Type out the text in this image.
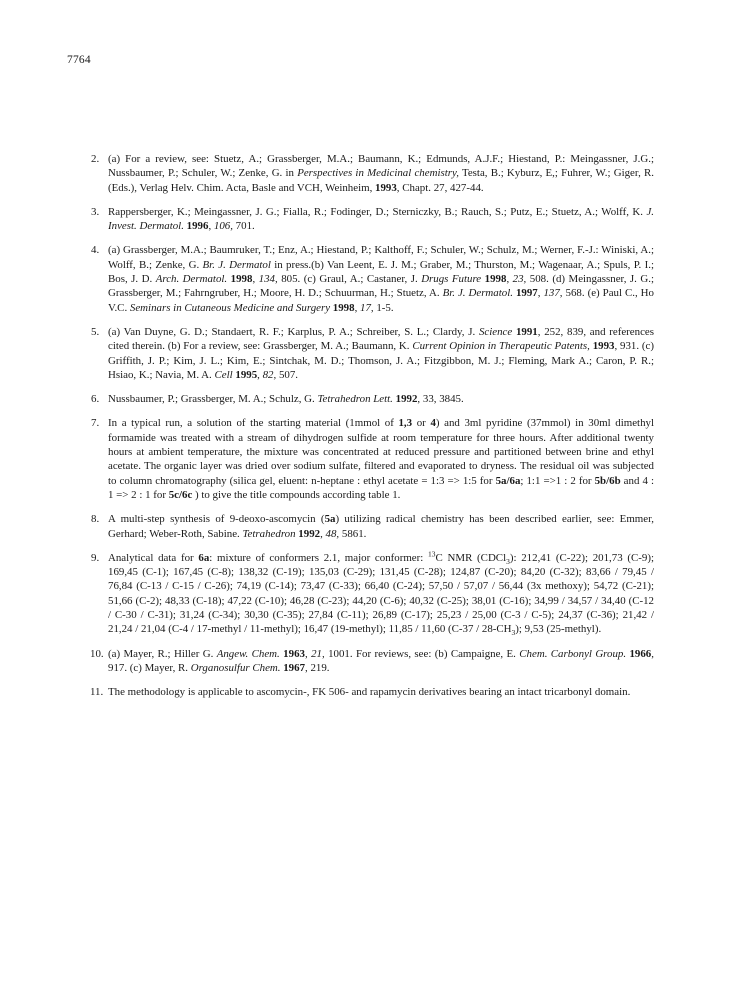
7764
2. (a) For a review, see: Stuetz, A.; Grassberger, M.A.; Baumann, K.; Edmunds, A.J.F.; Hiestand, P.: Meingassner, J.G.; Nussbaumer, P.; Schuler, W.; Zenke, G. in Perspectives in Medicinal chemistry, Testa, B.; Kyburz, E,; Fuhrer, W.; Giger, R. (Eds.), Verlag Helv. Chim. Acta, Basle and VCH, Weinheim, 1993, Chapt. 27, 427-44.
3. Rappersberger, K.; Meingassner, J. G.; Fialla, R.; Fodinger, D.; Sterniczky, B.; Rauch, S.; Putz, E.; Stuetz, A.; Wolff, K. J. Invest. Dermatol. 1996, 106, 701.
4. (a) Grassberger, M.A.; Baumruker, T.; Enz, A.; Hiestand, P.; Kalthoff, F.; Schuler, W.; Schulz, M.; Werner, F.-J.: Winiski, A.; Wolff, B.; Zenke, G. Br. J. Dermatol in press.(b) Van Leent, E. J. M.; Graber, M.; Thurston, M.; Wagenaar, A.; Spuls, P. I.; Bos, J. D. Arch. Dermatol. 1998, 134, 805. (c) Graul, A.; Castaner, J. Drugs Future 1998, 23, 508. (d) Meingassner, J. G.; Grassberger, M.; Fahrngruber, H.; Moore, H. D.; Schuurman, H.; Stuetz, A. Br. J. Dermatol. 1997, 137, 568. (e) Paul C., Ho V.C. Seminars in Cutaneous Medicine and Surgery 1998, 17, 1-5.
5. (a) Van Duyne, G. D.; Standaert, R. F.; Karplus, P. A.; Schreiber, S. L.; Clardy, J. Science 1991, 252, 839, and references cited therein. (b) For a review, see: Grassberger, M. A.; Baumann, K. Current Opinion in Therapeutic Patents, 1993, 931. (c) Griffith, J. P.; Kim, J. L.; Kim, E.; Sintchak, M. D.; Thomson, J. A.; Fitzgibbon, M. J.; Fleming, Mark A.; Caron, P. R.; Hsiao, K.; Navia, M. A. Cell 1995, 82, 507.
6. Nussbaumer, P.; Grassberger, M. A.; Schulz, G. Tetrahedron Lett. 1992, 33, 3845.
7. In a typical run, a solution of the starting material (1mmol of 1,3 or 4) and 3ml pyridine (37mmol) in 30ml dimethyl formamide was treated with a stream of dihydrogen sulfide at room temperature for three hours. After additional twenty hours at ambient temperature, the mixture was concentrated at reduced pressure and partitioned between brine and ethyl acetate. The organic layer was dried over sodium sulfate, filtered and evaporated to dryness. The residual oil was subjected to column chromatography (silica gel, eluent: n-heptane : ethyl acetate = 1:3 => 1:5 for 5a/6a; 1:1 =>1 : 2 for 5b/6b and 4 : 1 => 2 : 1 for 5c/6c ) to give the title compounds according table 1.
8. A multi-step synthesis of 9-deoxo-ascomycin (5a) utilizing radical chemistry has been described earlier, see: Emmer, Gerhard; Weber-Roth, Sabine. Tetrahedron 1992, 48, 5861.
9. Analytical data for 6a: mixture of conformers 2.1, major conformer: $^{13}$C NMR (CDCl$_3$): 212,41 (C-22); 201,73 (C-9); 169,45 (C-1); 167,45 (C-8); 138,32 (C-19); 135,03 (C-29); 131,45 (C-28); 124,87 (C-20); 84,20 (C-32); 83,66 / 79,45 / 76,84 (C-13 / C-15 / C-26); 74,19 (C-14); 73,47 (C-33); 66,40 (C-24); 57,50 / 57,07 / 56,44 (3x methoxy); 54,72 (C-21); 51,66 (C-2); 48,33 (C-18); 47,22 (C-10); 46,28 (C-23); 44,20 (C-6); 40,32 (C-25); 38,01 (C-16); 34,99 / 34,57 / 34,40 (C-12 / C-30 / C-31); 31,24 (C-34); 30,30 (C-35); 27,84 (C-11); 26,89 (C-17); 25,23 / 25,00 (C-3 / C-5); 24,37 (C-36); 21,42 / 21,24 / 21,04 (C-4 / 17-methyl / 11-methyl); 16,47 (19-methyl); 11,85 / 11,60 $(C-37 / 28-CH_3)$; 9,53 (25-methyl).
10. (a) Mayer, R.; Hiller G. Angew. Chem. 1963, 21, 1001. For reviews, see: (b) Campaigne, E. Chem. Carbonyl Group. 1966, 917. (c) Mayer, R. Organosulfur Chem. 1967, 219.
11. The methodology is applicable to ascomycin-, FK 506- and rapamycin derivatives bearing an intact tricarbonyl domain.
